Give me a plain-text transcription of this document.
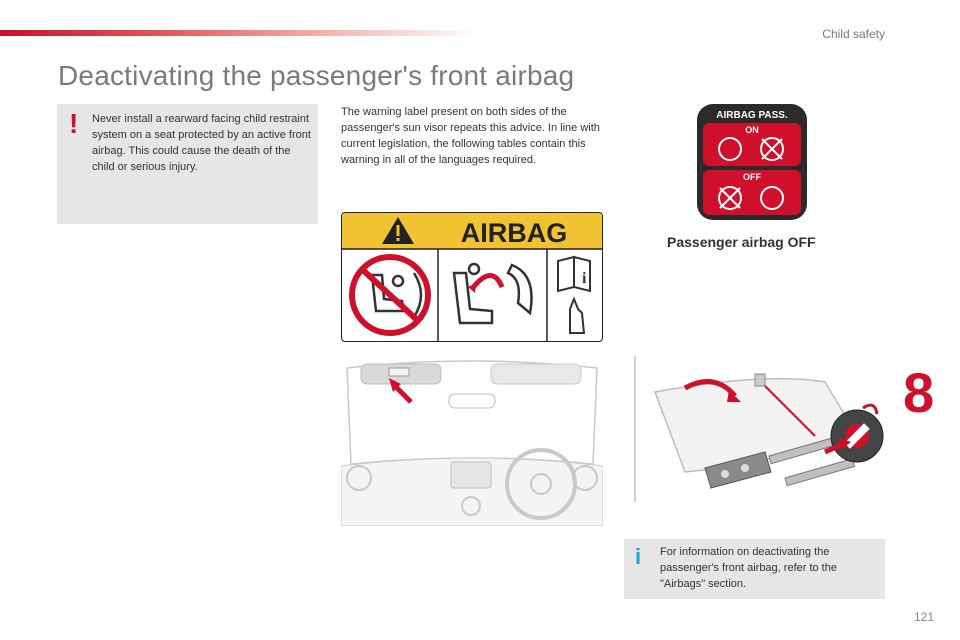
Child safety
Deactivating the passenger's front airbag
! Never install a rearward facing child restraint system on a seat protected by an active front airbag. This could cause the death of the child or serious injury.

The warning label present on both sides of the passenger's sun visor repeats this advice. In line with current legislation, the following tables contain this warning in all of the languages required.

AIRBAG
i
AIRBAG PASS.
ON
OFF
Passenger airbag OFF
8
i For information on deactivating the passenger's front airbag, refer to the "Airbags" section.

121
